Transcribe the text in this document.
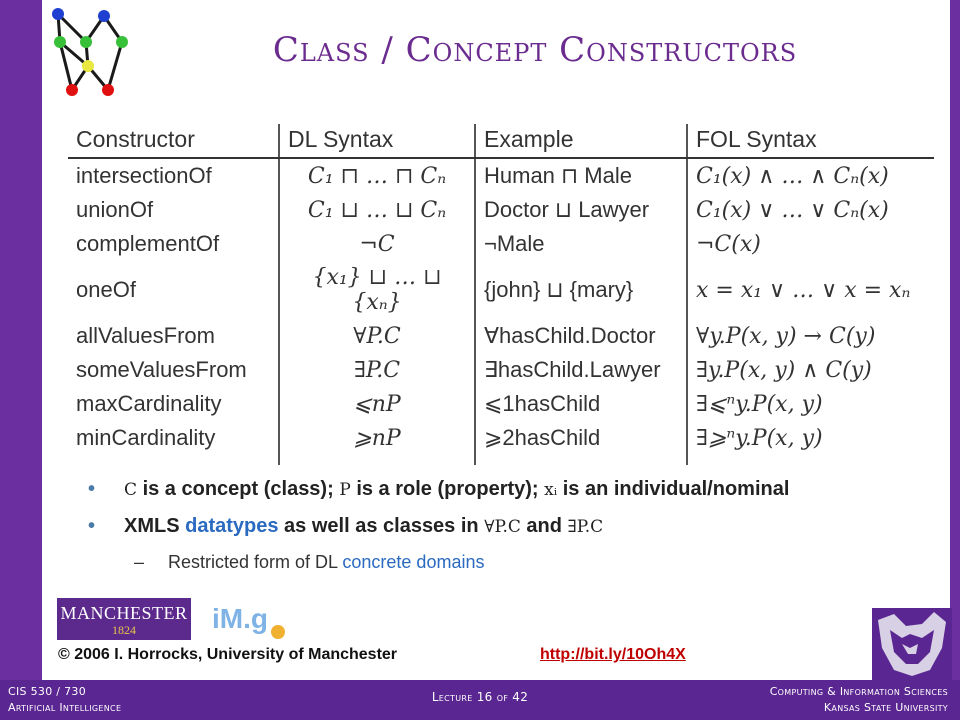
Class / Concept Constructors
Constructor	DL Syntax	Example	FOL Syntax
intersectionOf	C₁ ⊓ … ⊓ Cₙ	Human ⊓ Male	C₁(x) ∧ … ∧ Cₙ(x)
unionOf	C₁ ⊔ … ⊔ Cₙ	Doctor ⊔ Lawyer	C₁(x) ∨ … ∨ Cₙ(x)
complementOf	¬C	¬Male	¬C(x)
oneOf	{x₁} ⊔ … ⊔ {xₙ}	{john} ⊔ {mary}	x = x₁ ∨ … ∨ x = xₙ
allValuesFrom	∀P.C	∀hasChild.Doctor	∀y.P(x, y) → C(y)
someValuesFrom	∃P.C	∃hasChild.Lawyer	∃y.P(x, y) ∧ C(y)
maxCardinality	⩽nP	⩽1hasChild	∃⩽ⁿy.P(x, y)
minCardinality	⩾nP	⩾2hasChild	∃⩾ⁿy.P(x, y)
•	C is a concept (class); P is a role (property); xᵢ is an individual/nominal
•	XMLS datatypes as well as classes in ∀P.C and ∃P.C
–	Restricted form of DL concrete domains
MANCHESTER
1824	iM.g
© 2006 I. Horrocks, University of Manchester	http://bit.ly/10Oh4X
CIS 530 / 730
Artificial Intelligence
Lecture 16 of 42	Computing & Information Sciences
Kansas State University
